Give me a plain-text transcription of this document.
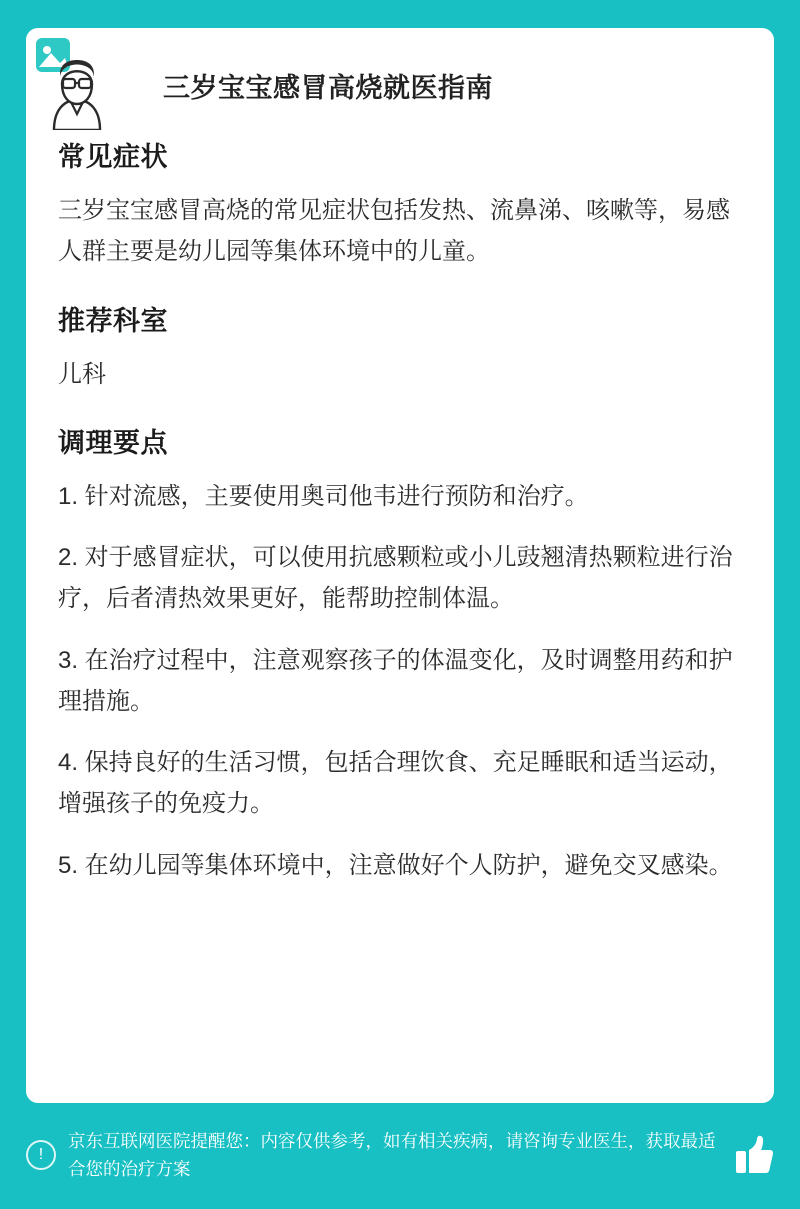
三岁宝宝感冒高烧就医指南
常见症状

三岁宝宝感冒高烧的常见症状包括发热、流鼻涕、咳嗽等，易感人群主要是幼儿园等集体环境中的儿童。

推荐科室

儿科

调理要点

1. 针对流感，主要使用奥司他韦进行预防和治疗。

2. 对于感冒症状，可以使用抗感颗粒或小儿豉翘清热颗粒进行治疗，后者清热效果更好，能帮助控制体温。

3. 在治疗过程中，注意观察孩子的体温变化，及时调整用药和护理措施。

4. 保持良好的生活习惯，包括合理饮食、充足睡眠和适当运动，增强孩子的免疫力。

5. 在幼儿园等集体环境中，注意做好个人防护，避免交叉感染。

!
京东互联网医院提醒您：内容仅供参考，如有相关疾病，请咨询专业医生，获取最适合您的治疗方案
